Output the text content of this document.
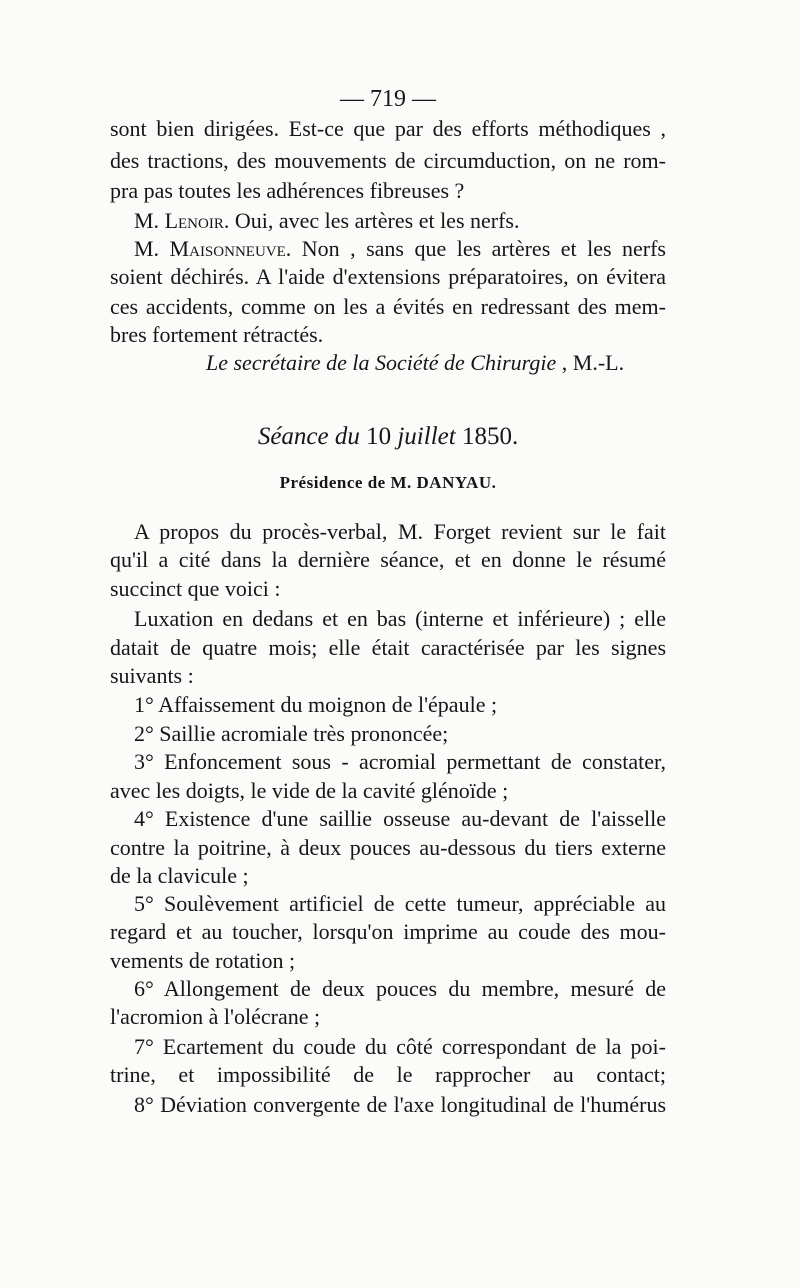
— 719 —
sont bien dirigées. Est-ce que par des efforts méthodiques ,
des tractions, des mouvements de circumduction, on ne rom-
pra pas toutes les adhérences fibreuses ?
M. Lenoir. Oui, avec les artères et les nerfs.
M. Maisonneuve. Non , sans que les artères et les nerfs
soient déchirés. A l'aide d'extensions préparatoires, on évitera
ces accidents, comme on les a évités en redressant des mem-
bres fortement rétractés.
Le secrétaire de la Société de Chirurgie , M.-L.
Séance du 10 juillet 1850.
Présidence de M. DANYAU.
A propos du procès-verbal, M. Forget revient sur le fait
qu'il a cité dans la dernière séance, et en donne le résumé
succinct que voici :
Luxation en dedans et en bas (interne et inférieure) ; elle
datait de quatre mois; elle était caractérisée par les signes
suivants :
1° Affaissement du moignon de l'épaule ;
2° Saillie acromiale très prononcée;
3° Enfoncement sous - acromial permettant de constater,
avec les doigts, le vide de la cavité glénoïde ;
4° Existence d'une saillie osseuse au-devant de l'aisselle
contre la poitrine, à deux pouces au-dessous du tiers externe
de la clavicule ;
5° Soulèvement artificiel de cette tumeur, appréciable au
regard et au toucher, lorsqu'on imprime au coude des mou-
vements de rotation ;
6° Allongement de deux pouces du membre, mesuré de
l'acromion à l'olécrane ;
7° Ecartement du coude du côté correspondant de la poi-
trine, et impossibilité de le rapprocher au contact;
8° Déviation convergente de l'axe longitudinal de l'humérus
